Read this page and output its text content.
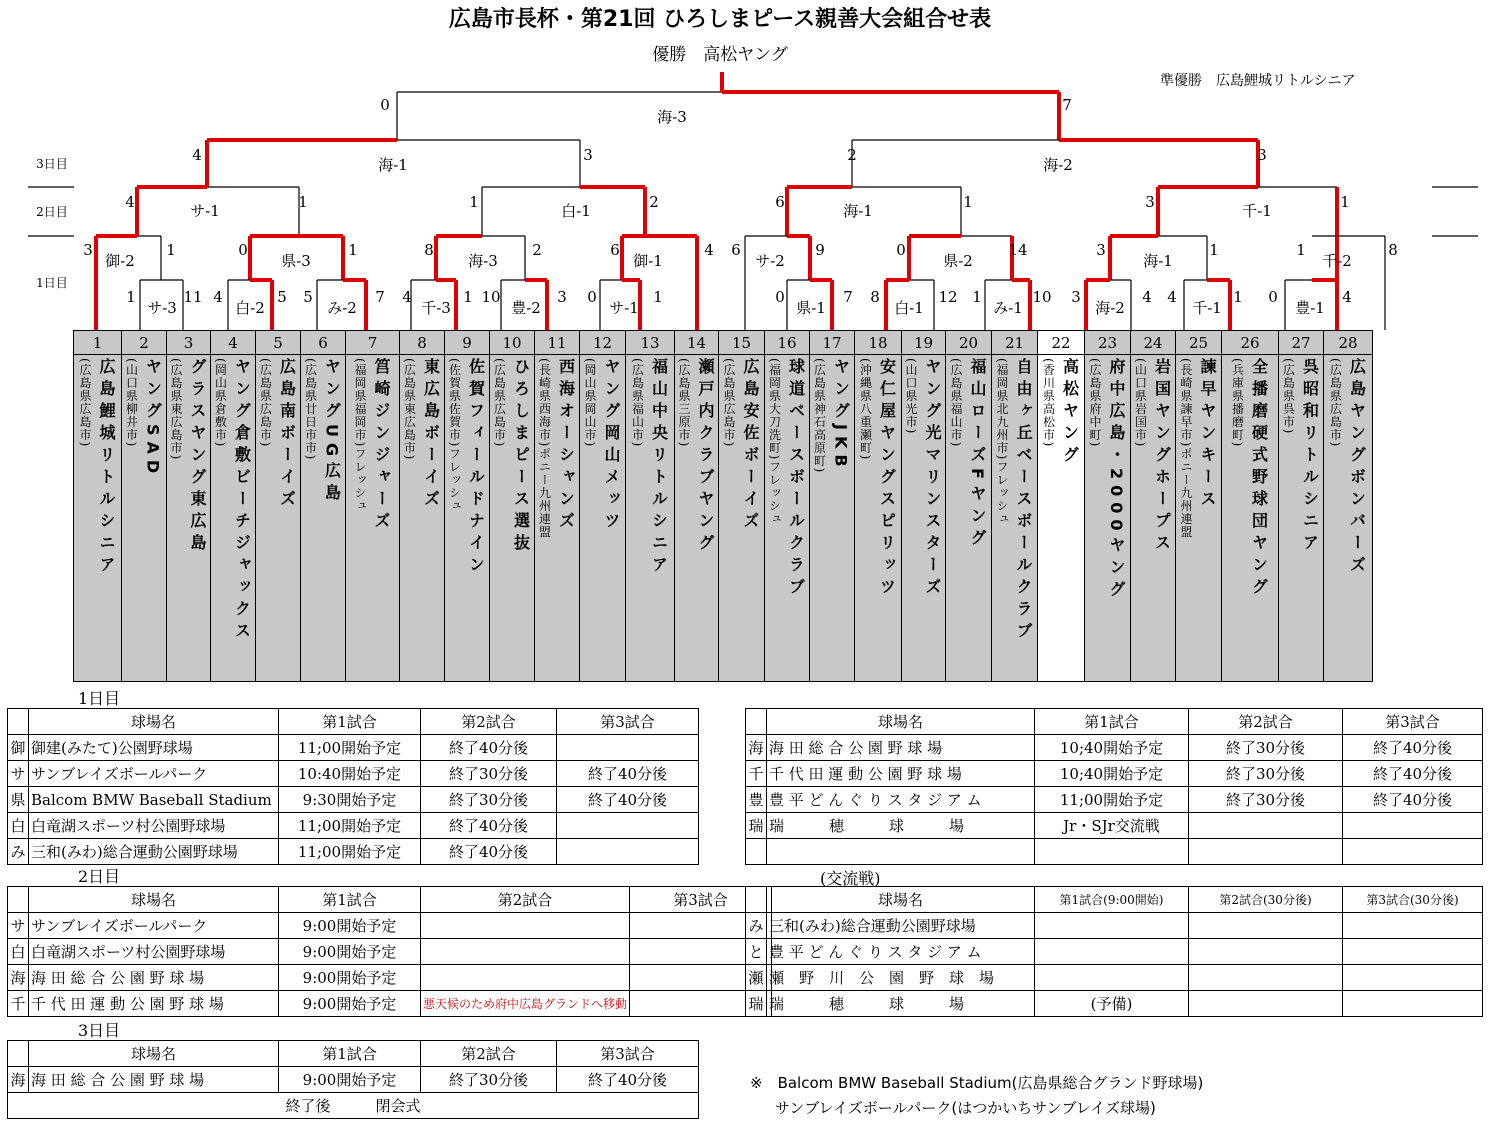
広島市長杯・第21回 ひろしまピース親善大会組合せ表
優勝　高松ヤング
準優勝　広島鯉城リトルシニア
3日目
2日目
1日目
海-3
0	7
海-1
4	3
海-2
2	3
サ-1
4	1	白-1
1	2	海-1
6	1	千-1
3	1
御-2
3	1
サ-3
1	11
県-3
0	1
白-2
4	5
み-2
5	7
海-3
8	2
千-3
4	1
豊-2
10	3
御-1
6	4
サ-1
0	1
サ-2
6	9
県-1
0	7
県-2
0	14
白-1
8	12
み-1
1	10
海-1
3	1
海-2
3	4
千-1
4	1
千-2
1	8
豊-1
0	4
1
広島鯉城リトルシニア
(広島県広島市)

2
ヤングSAD
(山口県柳井市)

3
グラスヤング東広島
(広島県東広島市)

4
ヤング倉敷ビーチジャックス
(岡山県倉敷市)

5
広島南ボーイズ
(広島県広島市)

6
ヤングUG広島
(広島県廿日市市)

7
筥崎ジンジャーズ
(福岡県福岡市)フレッシュ

8
東広島ボーイズ
(広島県東広島市)

9
佐賀フィールドナイン
(佐賀県佐賀市)フレッシュ

10
ひろしまピース選抜
(広島県広島市)

11
西海オーシャンズ
(長崎県西海市)ポニー九州連盟

12
ヤング岡山メッツ
(岡山県岡山市)

13
福山中央リトルシニア
(広島県福山市)

14
瀬戸内クラブヤング
(広島県三原市)

15
広島安佐ボーイズ
(広島県広島市)

16
球道ベースボールクラブ
(福岡県大刀洗町)フレッシュ

17
ヤングJKB
(広島県神石高原町)

18
安仁屋ヤングスピリッツ
(沖縄県八重瀬町)

19
ヤング光マリンスターズ
(山口県光市)

20
福山ローズFヤング
(広島県福山市)

21
自由ヶ丘ベースボールクラブ
(福岡県北九州市)フレッシュ

22
高松ヤング
(香川県高松市)

23
府中広島・2000ヤング
(広島県府中町)

24
岩国ヤングホープス
(山口県岩国市)

25
諫早ヤンキース
(長崎県諫早市)ポニー九州連盟

26
全播磨硬式野球団ヤング
(兵庫県播磨町)

27
呉昭和リトルシニア
(広島県呉市)

28
広島ヤングボンバーズ
(広島県広島市)
1日目
	球場名	第1試合	第2試合	第3試合
御	御建(みたて)公園野球場	11;00開始予定	終了40分後	
サ	サンブレイズボールパーク	10:40開始予定	終了30分後	終了40分後
県	Balcom BMW Baseball Stadium	9:30開始予定	終了30分後	終了40分後
白	白竜湖スポーツ村公園野球場	11;00開始予定	終了40分後	
み	三和(みわ)総合運動公園野球場	11;00開始予定	終了40分後	
	球場名	第1試合	第2試合	第3試合
海	海 田 総 合 公 園 野 球 場	10;40開始予定	終了30分後	終了40分後
千	千 代 田 運 動 公 園 野 球 場	10;40開始予定	終了30分後	終了40分後
豊	豊 平 ど ん ぐ り ス タ ジ ア ム	11;00開始予定	終了30分後	終了40分後
瑞	瑞　　　穂　　　球　　　場	Jr・SJr交流戦		

2日目
	球場名	第1試合	第2試合	第3試合
サ	サンブレイズボールパーク	9:00開始予定		
白	白竜湖スポーツ村公園野球場	9:00開始予定		
海	海 田 総 合 公 園 野 球 場	9:00開始予定		
千	千 代 田 運 動 公 園 野 球 場	9:00開始予定	悪天候のため府中広島グランドへ移動	
(交流戦)
	球場名	第1試合(9:00開始)	第2試合(30分後)	第3試合(30分後)
み	三和(みわ)総合運動公園野球場			
と	豊 平 ど ん ぐ り ス タ ジ ア ム			
瀬	瀬　野　川　公　園　野　球　場			
瑞	瑞　　　穂　　　球　　　場	(予備)		
3日目
	球場名	第1試合	第2試合	第3試合
海	海 田 総 合 公 園 野 球 場	9:00開始予定	終了30分後	終了40分後
終了後　　　閉会式				
※　Balcom BMW Baseball Stadium(広島県総合グランド野球場)
サンブレイズボールパーク(はつかいちサンブレイズ球場)
